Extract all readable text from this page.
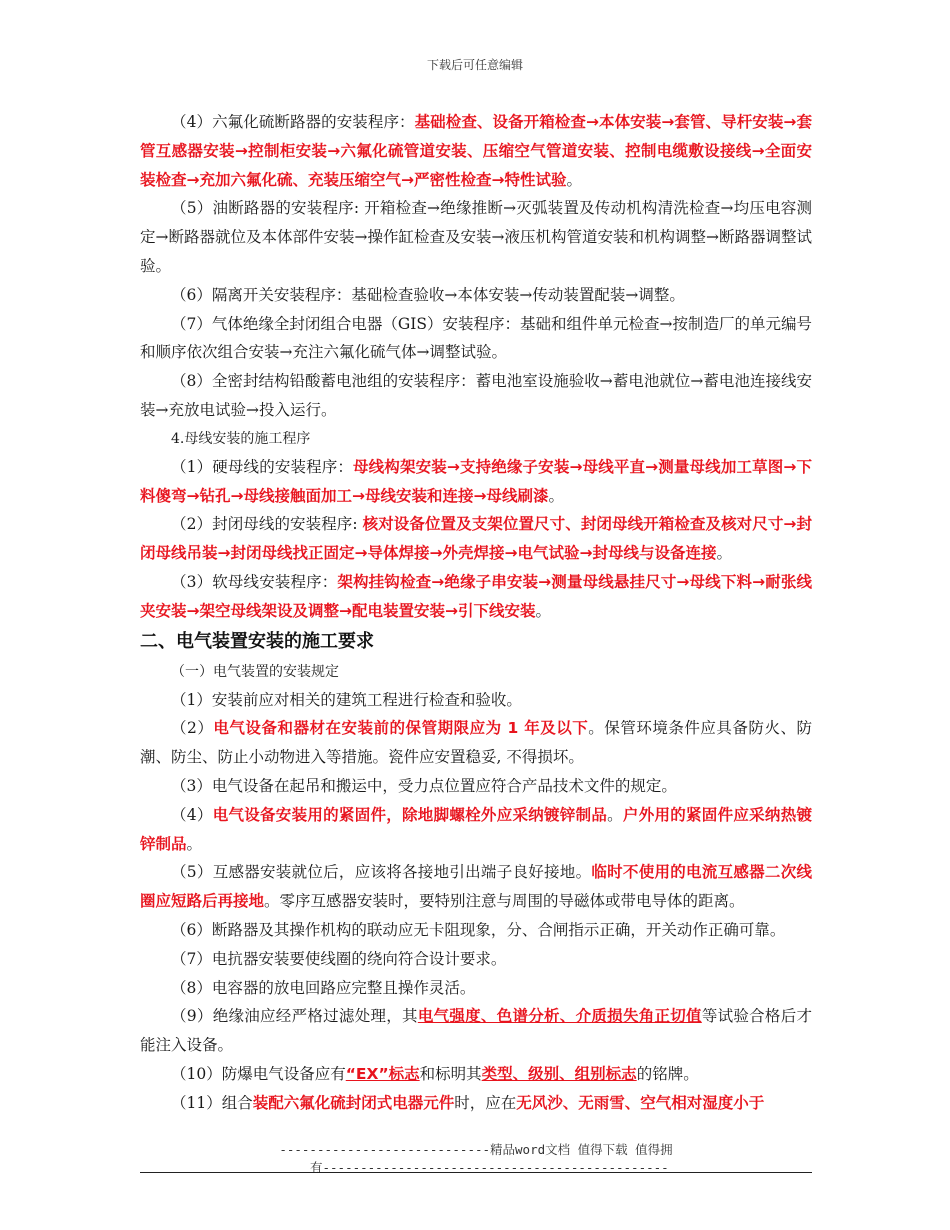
下载后可任意编辑

（4）六氟化硫断路器的安装程序：基础检查、设备开箱检查→本体安装→套管、导杆安装→套管互感器安装→控制柜安装→六氟化硫管道安装、压缩空气管道安装、控制电缆敷设接线→全面安装检查→充加六氟化硫、充装压缩空气→严密性检查→特性试验。

（5）油断路器的安装程序: 开箱检查→绝缘推断→灭弧装置及传动机构清洗检查→均压电容测定→断路器就位及本体部件安装→操作缸检查及安装→液压机构管道安装和机构调整→断路器调整试验。

（6）隔离开关安装程序：基础检查验收→本体安装→传动装置配装→调整。

（7）气体绝缘全封闭组合电器（GIS）安装程序：基础和组件单元检查→按制造厂的单元编号和顺序依次组合安装→充注六氟化硫气体→调整试验。

（8）全密封结构铅酸蓄电池组的安装程序：蓄电池室设施验收→蓄电池就位→蓄电池连接线安装→充放电试验→投入运行。

4.母线安装的施工程序

（1）硬母线的安装程序：母线构架安装→支持绝缘子安装→母线平直→测量母线加工草图→下料傻弯→钻孔→母线接触面加工→母线安装和连接→母线刷漆。

（2）封闭母线的安装程序: 核对设备位置及支架位置尺寸、封闭母线开箱检查及核对尺寸→封闭母线吊装→封闭母线找正固定→导体焊接→外壳焊接→电气试验→封母线与设备连接。

（3）软母线安装程序：架构挂钩检查→绝缘子串安装→测量母线悬挂尺寸→母线下料→耐张线夹安装→架空母线架设及调整→配电装置安装→引下线安装。

二、电气装置安装的施工要求

（一）电气装置的安装规定

（1）安装前应对相关的建筑工程进行检查和验收。

（2）电气设备和器材在安装前的保管期限应为 1 年及以下。保管环境条件应具备防火、防潮、防尘、防止小动物进入等措施。瓷件应安置稳妥, 不得损坏。

（3）电气设备在起吊和搬运中，受力点位置应符合产品技术文件的规定。

（4）电气设备安装用的紧固件，除地脚螺栓外应采纳镀锌制品。户外用的紧固件应采纳热镀锌制品。

（5）互感器安装就位后，应该将各接地引出端子良好接地。临时不使用的电流互感器二次线圈应短路后再接地。零序互感器安装时，要特别注意与周围的导磁体或带电导体的距离。

（6）断路器及其操作机构的联动应无卡阻现象，分、合闸指示正确，开关动作正确可靠。

（7）电抗器安装要使线圈的绕向符合设计要求。

（8）电容器的放电回路应完整且操作灵活。

（9）绝缘油应经严格过滤处理，其电气强度、色谱分析、介质损失角正切值等试验合格后才能注入设备。

（10）防爆电气设备应有“EX”标志和标明其类型、级别、组别标志的铭牌。

（11）组合装配六氟化硫封闭式电器元件时，应在无风沙、无雨雪、空气相对湿度小于

----------------------------精品word文档 值得下载 值得拥
有----------------------------------------------
